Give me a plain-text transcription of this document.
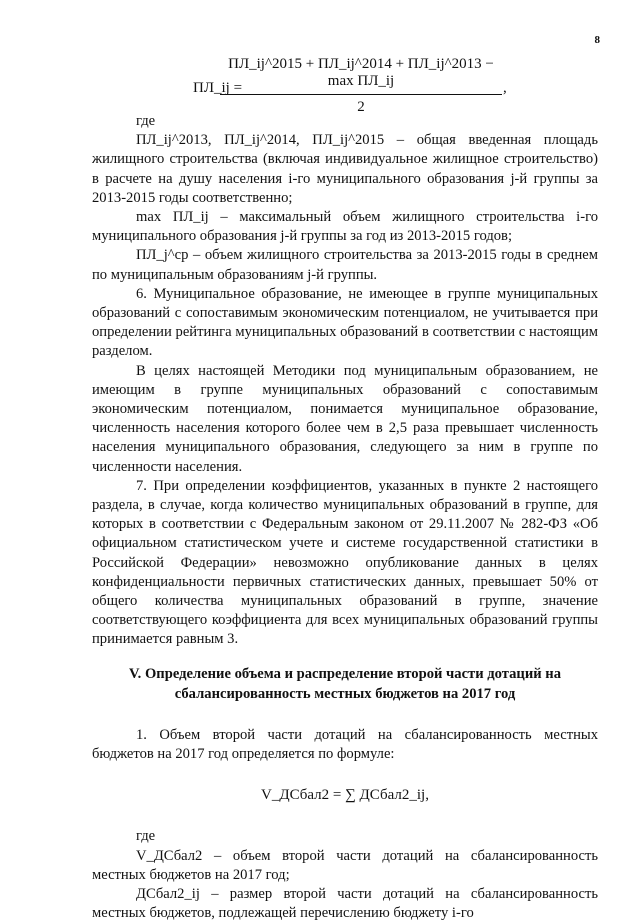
8
ПЛ_ij =
ПЛ_ij^2015 + ПЛ_ij^2014 + ПЛ_ij^2013 − max ПЛ_ij
2
,

где

ПЛ_ij^2013, ПЛ_ij^2014, ПЛ_ij^2015 – общая введенная площадь жилищного строительства (включая индивидуальное жилищное строительство) в расчете на душу населения i-го муниципального образования j-й группы за 2013-2015 годы соответственно;

max ПЛ_ij – максимальный объем жилищного строительства i-го муниципального образования j-й группы за год из 2013-2015 годов;

ПЛ_j^ср – объем жилищного строительства за 2013-2015 годы в среднем по муниципальным образованиям j-й группы.

6. Муниципальное образование, не имеющее в группе муниципальных образований с сопоставимым экономическим потенциалом, не учитывается при определении рейтинга муниципальных образований в соответствии с настоящим разделом.

В целях настоящей Методики под муниципальным образованием, не имеющим в группе муниципальных образований с сопоставимым экономическим потенциалом, понимается муниципальное образование, численность населения которого более чем в 2,5 раза превышает численность населения муниципального образования, следующего за ним в группе по численности населения.

7. При определении коэффициентов, указанных в пункте 2 настоящего раздела, в случае, когда количество муниципальных образований в группе, для которых в соответствии с Федеральным законом от 29.11.2007 № 282-ФЗ «Об официальном статистическом учете и системе государственной статистики в Российской Федерации» невозможно опубликование данных в целях конфиденциальности первичных статистических данных, превышает 50% от общего количества муниципальных образований в группе, значение соответствующего коэффициента для всех муниципальных образований группы принимается равным 3.

V. Определение объема и распределение второй части дотаций на сбалансированность местных бюджетов на 2017 год

1. Объем второй части дотаций на сбалансированность местных бюджетов на 2017 год определяется по формуле:

V_ДСбал2 = ∑ ДСбал2_ij,

где

V_ДСбал2 – объем второй части дотаций на сбалансированность местных бюджетов на 2017 год;

ДСбал2_ij – размер второй части дотаций на сбалансированность местных бюджетов, подлежащей перечислению бюджету i-го
